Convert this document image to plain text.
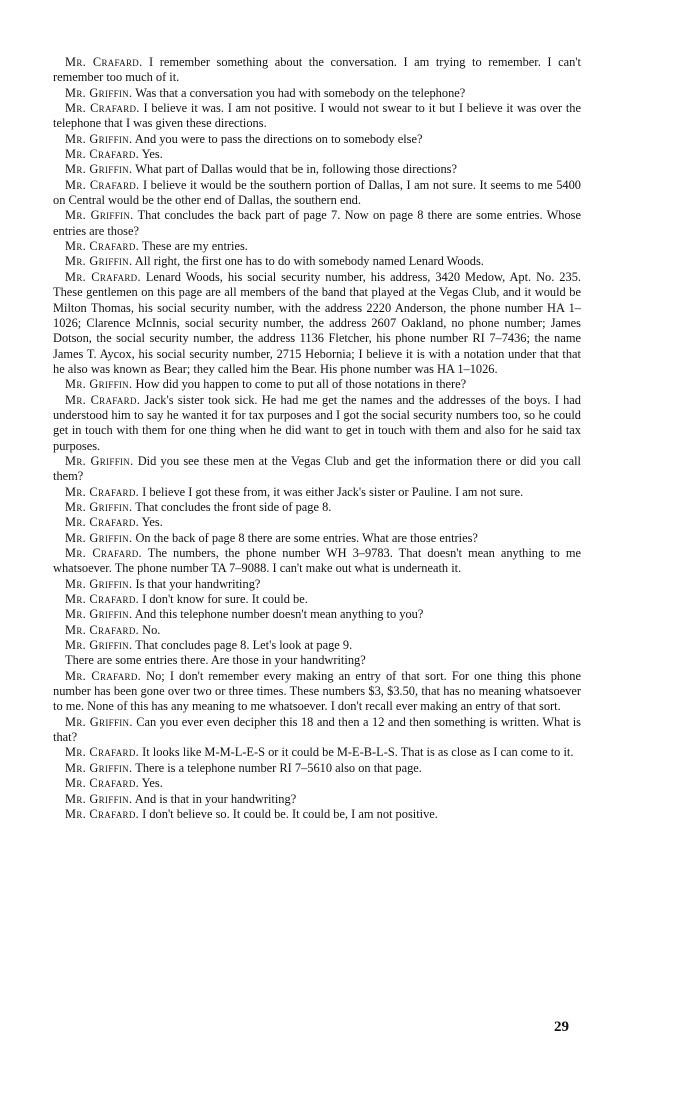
Mr. Crafard. I remember something about the conversation. I am trying to remember. I can't remember too much of it.

Mr. Griffin. Was that a conversation you had with somebody on the telephone?

Mr. Crafard. I believe it was. I am not positive. I would not swear to it but I believe it was over the telephone that I was given these directions.

Mr. Griffin. And you were to pass the directions on to somebody else?

Mr. Crafard. Yes.

Mr. Griffin. What part of Dallas would that be in, following those directions?

Mr. Crafard. I believe it would be the southern portion of Dallas, I am not sure. It seems to me 5400 on Central would be the other end of Dallas, the southern end.

Mr. Griffin. That concludes the back part of page 7. Now on page 8 there are some entries. Whose entries are those?

Mr. Crafard. These are my entries.

Mr. Griffin. All right, the first one has to do with somebody named Lenard Woods.

Mr. Crafard. Lenard Woods, his social security number, his address, 3420 Medow, Apt. No. 235. These gentlemen on this page are all members of the band that played at the Vegas Club, and it would be Milton Thomas, his social security number, with the address 2220 Anderson, the phone number HA 1–1026; Clarence McInnis, social security number, the address 2607 Oakland, no phone number; James Dotson, the social security number, the address 1136 Fletcher, his phone number RI 7–7436; the name James T. Aycox, his social security number, 2715 Hebornia; I believe it is with a notation under that that he also was known as Bear; they called him the Bear. His phone number was HA 1–1026.

Mr. Griffin. How did you happen to come to put all of those notations in there?

Mr. Crafard. Jack's sister took sick. He had me get the names and the addresses of the boys. I had understood him to say he wanted it for tax purposes and I got the social security numbers too, so he could get in touch with them for one thing when he did want to get in touch with them and also for he said tax purposes.

Mr. Griffin. Did you see these men at the Vegas Club and get the information there or did you call them?

Mr. Crafard. I believe I got these from, it was either Jack's sister or Pauline. I am not sure.

Mr. Griffin. That concludes the front side of page 8.

Mr. Crafard. Yes.

Mr. Griffin. On the back of page 8 there are some entries. What are those entries?

Mr. Crafard. The numbers, the phone number WH 3–9783. That doesn't mean anything to me whatsoever. The phone number TA 7–9088. I can't make out what is underneath it.

Mr. Griffin. Is that your handwriting?

Mr. Crafard. I don't know for sure. It could be.

Mr. Griffin. And this telephone number doesn't mean anything to you?

Mr. Crafard. No.

Mr. Griffin. That concludes page 8. Let's look at page 9.

There are some entries there. Are those in your handwriting?

Mr. Crafard. No; I don't remember every making an entry of that sort. For one thing this phone number has been gone over two or three times. These numbers $3, $3.50, that has no meaning whatsoever to me. None of this has any meaning to me whatsoever. I don't recall ever making an entry of that sort.

Mr. Griffin. Can you ever even decipher this 18 and then a 12 and then something is written. What is that?

Mr. Crafard. It looks like M-M-L-E-S or it could be M-E-B-L-S. That is as close as I can come to it.

Mr. Griffin. There is a telephone number RI 7–5610 also on that page.

Mr. Crafard. Yes.

Mr. Griffin. And is that in your handwriting?

Mr. Crafard. I don't believe so. It could be. It could be, I am not positive.

29
